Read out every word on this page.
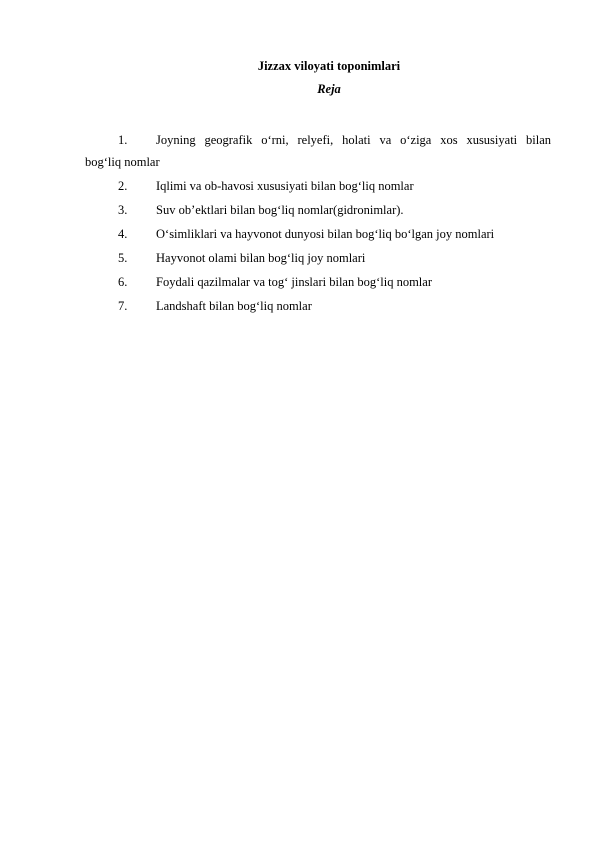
Jizzax viloyati toponimlari
Reja
1. Joyning geografik o‘rni, relyefi, holati va o‘ziga xos xususiyati bilan
bog‘liq nomlar
2. Iqlimi va ob-havosi xususiyati bilan bog‘liq nomlar
3. Suv ob’ektlari bilan bog‘liq nomlar(gidronimlar).
4. O‘simliklari va hayvonot dunyosi bilan bog‘liq bo‘lgan joy nomlari
5. Hayvonot olami bilan bog‘liq joy nomlari
6. Foydali qazilmalar va tog‘ jinslari bilan bog‘liq nomlar
7. Landshaft bilan bog‘liq nomlar
